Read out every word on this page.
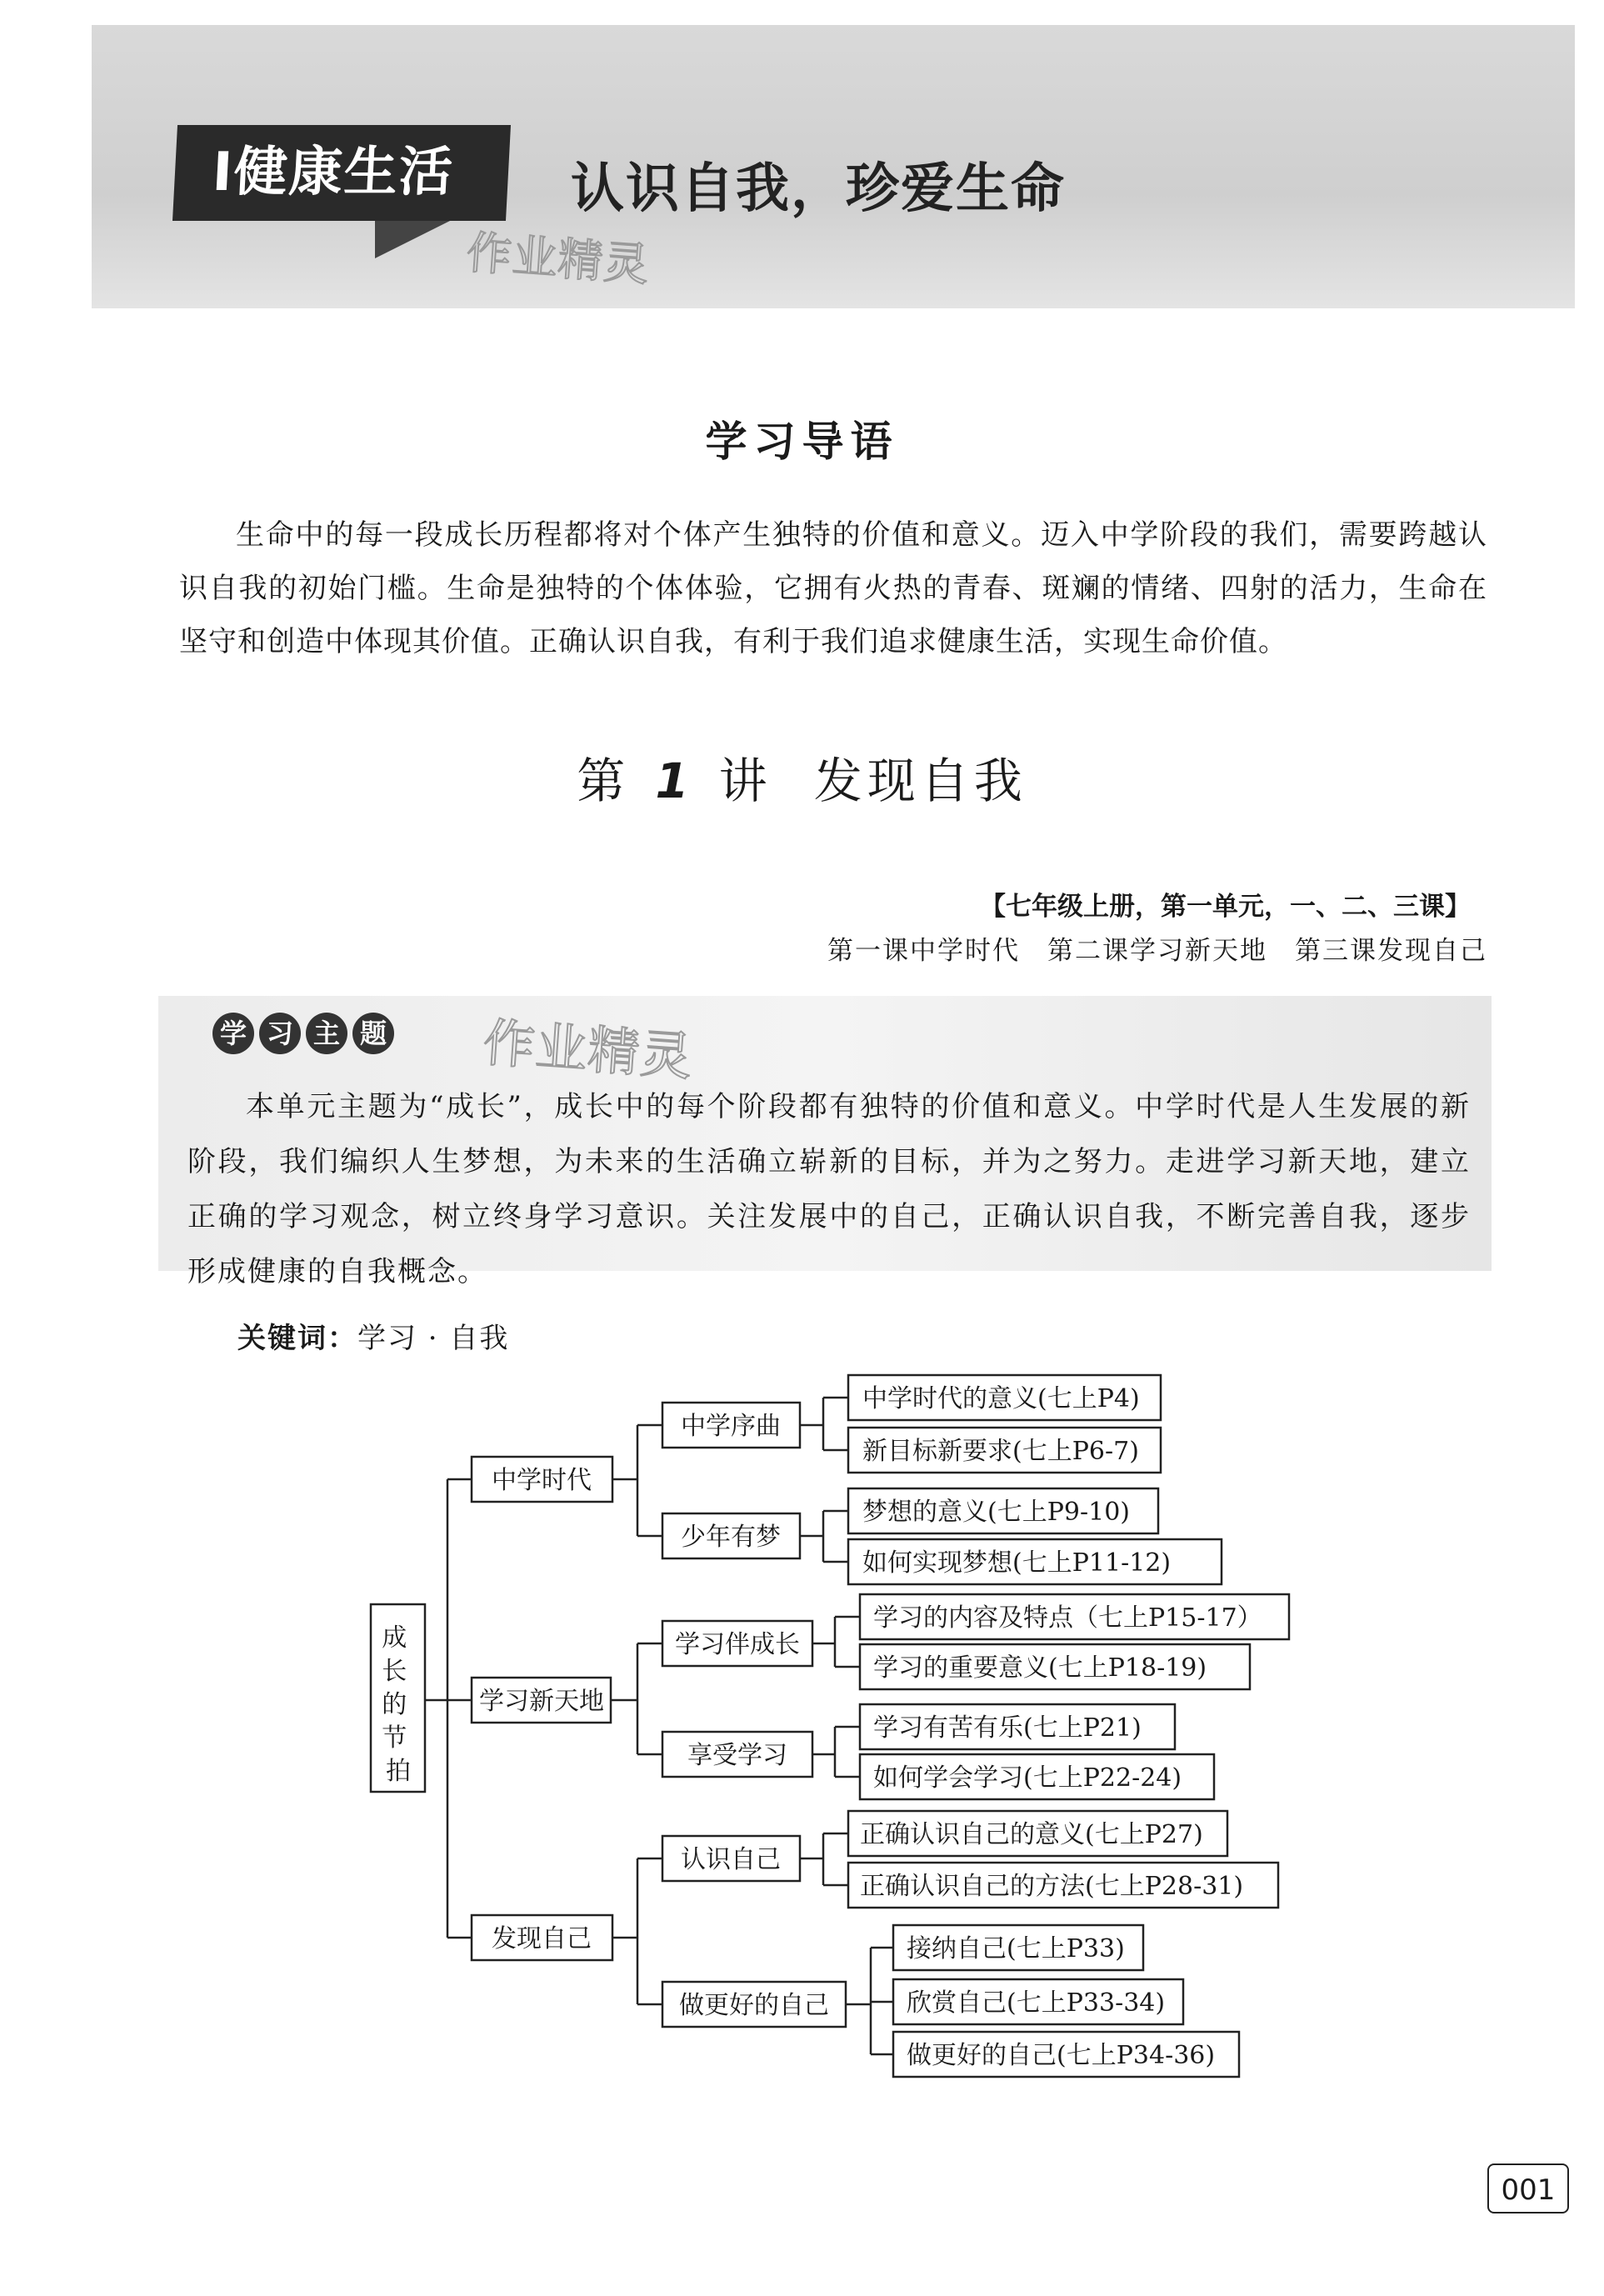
Ⅰ健康生活	认识自我，珍爱生命
作业精灵
学习导语
生命中的每一段成长历程都将对个体产生独特的价值和意义。迈入中学阶段的我们，需要跨越认识自我的初始门槛。生命是独特的个体体验，它拥有火热的青春、斑斓的情绪、四射的活力，生命在坚守和创造中体现其价值。正确认识自我，有利于我们追求健康生活，实现生命价值。
第 1 讲 发现自我
【七年级上册，第一单元，一、二、三课】
第一课中学时代　第二课学习新天地　第三课发现自己
学 习 主 题 作业精灵
本单元主题为“成长”，成长中的每个阶段都有独特的价值和意义。中学时代是人生发展的新阶段，我们编织人生梦想，为未来的生活确立崭新的目标，并为之努力。走进学习新天地，建立正确的学习观念，树立终身学习意识。关注发展中的自己，正确认识自我，不断完善自我，逐步形成健康的自我概念。
关键词：学习 · 自我
成 长 的 节 拍
中学时代
学习新天地
发现自己
中学序曲
少年有梦
学习伴成长
享受学习
认识自己
做更好的自己
中学时代的意义(七上P4)
新目标新要求(七上P6-7)
梦想的意义(七上P9-10)
如何实现梦想(七上P11-12)
学习的内容及特点（七上P15-17）
学习的重要意义(七上P18-19)
学习有苦有乐(七上P21)
如何学会学习(七上P22-24)
正确认识自己的意义(七上P27)
正确认识自己的方法(七上P28-31)
接纳自己(七上P33)
欣赏自己(七上P33-34)
做更好的自己(七上P34-36)
001
